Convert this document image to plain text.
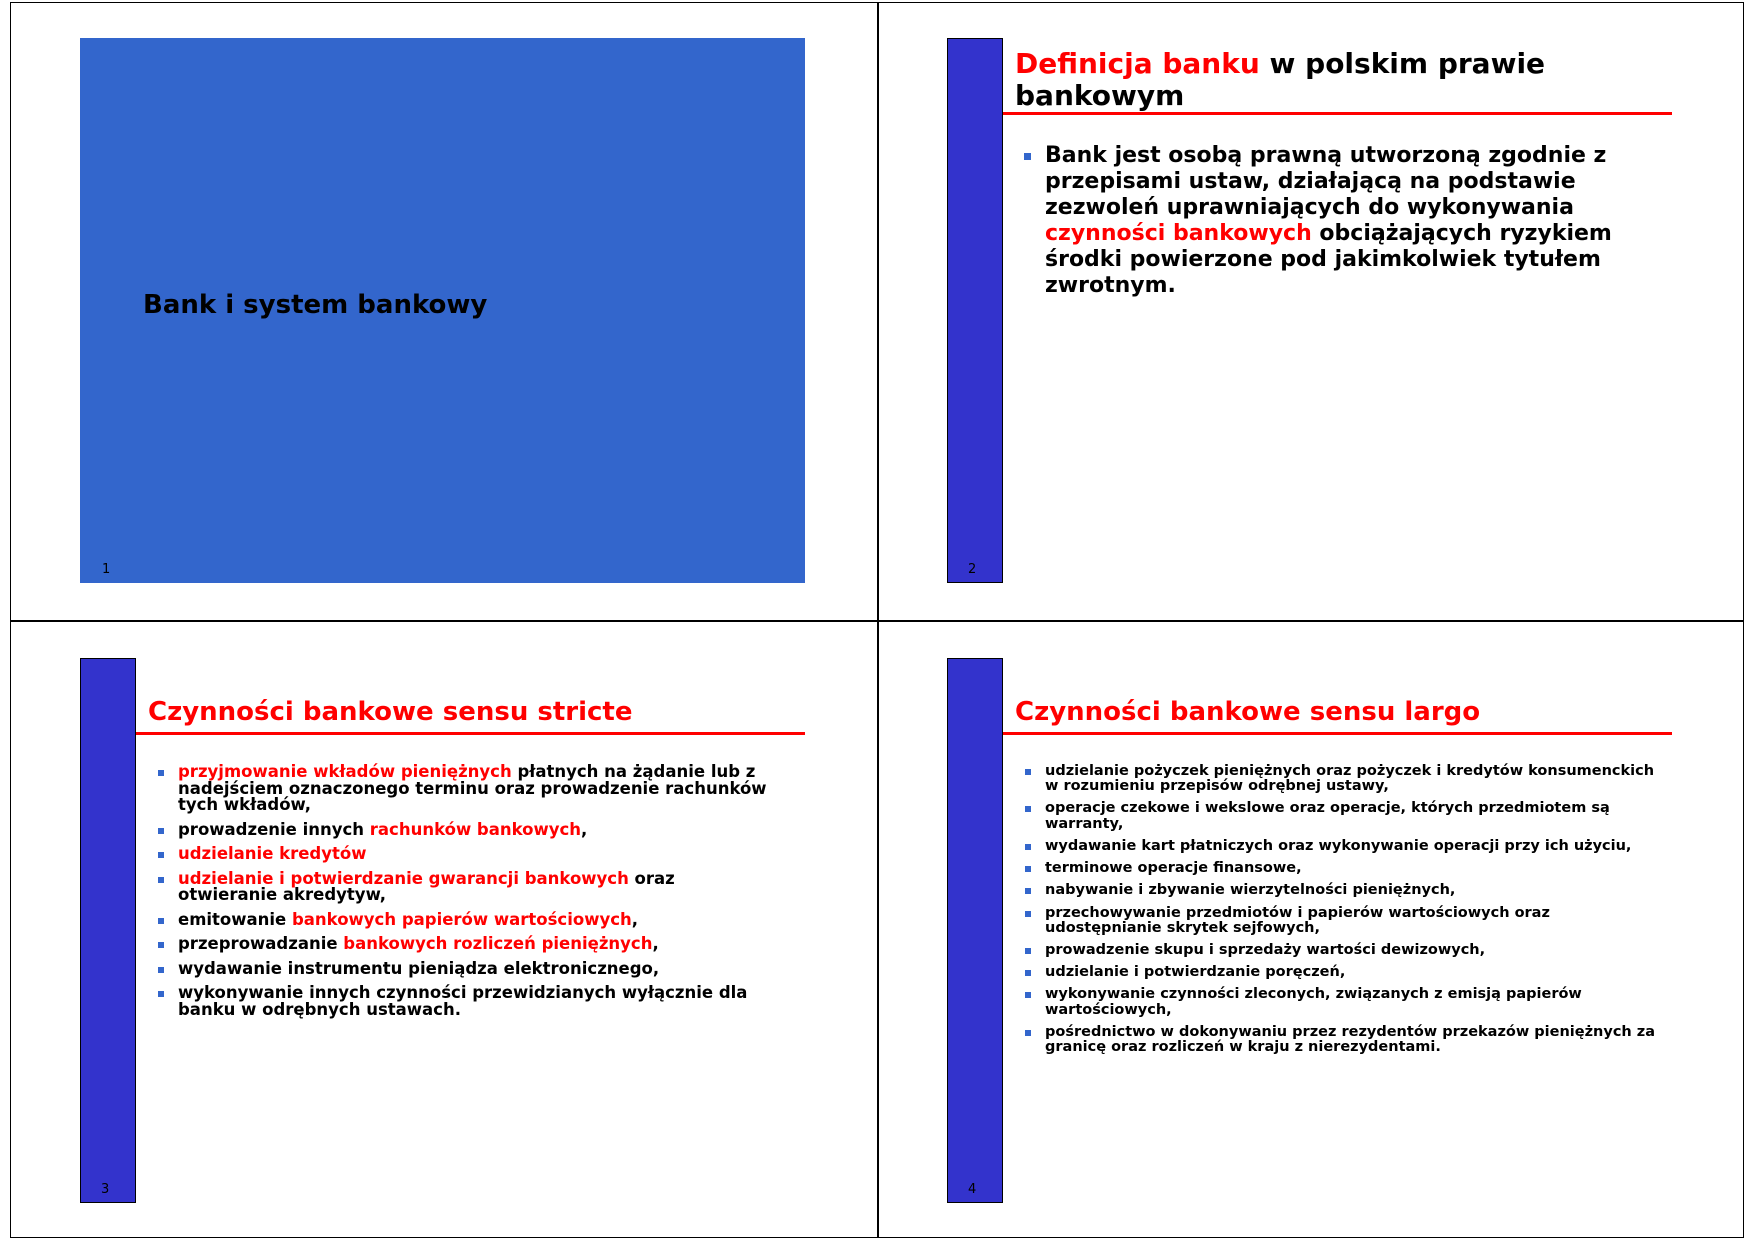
Bank i system bankowy
1
Definicja banku w polskim prawie bankowym
Bank jest osobą prawną utworzoną zgodnie z przepisami ustaw, działającą na podstawie zezwoleń uprawniających do wykonywania czynności bankowych obciążających ryzykiem środki powierzone pod jakimkolwiek tytułem zwrotnym.
2
Czynności bankowe sensu stricte
przyjmowanie wkładów pieniężnych płatnych na żądanie lub z nadejściem oznaczonego terminu oraz prowadzenie rachunków tych wkładów,
prowadzenie innych rachunków bankowych,
udzielanie kredytów
udzielanie i potwierdzanie gwarancji bankowych oraz otwieranie akredytyw,
emitowanie bankowych papierów wartościowych,
przeprowadzanie bankowych rozliczeń pieniężnych,
wydawanie instrumentu pieniądza elektronicznego,
wykonywanie innych czynności przewidzianych wyłącznie dla banku w odrębnych ustawach.
3
Czynności bankowe sensu largo
udzielanie pożyczek pieniężnych oraz pożyczek i kredytów konsumenckich w rozumieniu przepisów odrębnej ustawy,
operacje czekowe i wekslowe oraz operacje, których przedmiotem są warranty,
wydawanie kart płatniczych oraz wykonywanie operacji przy ich użyciu,
terminowe operacje finansowe,
nabywanie i zbywanie wierzytelności pieniężnych,
przechowywanie przedmiotów i papierów wartościowych oraz udostępnianie skrytek sejfowych,
prowadzenie skupu i sprzedaży wartości dewizowych,
udzielanie i potwierdzanie poręczeń,
wykonywanie czynności zleconych, związanych z emisją papierów wartościowych,
pośrednictwo w dokonywaniu przez rezydentów przekazów pieniężnych za granicę oraz rozliczeń w kraju z nierezydentami.
4
